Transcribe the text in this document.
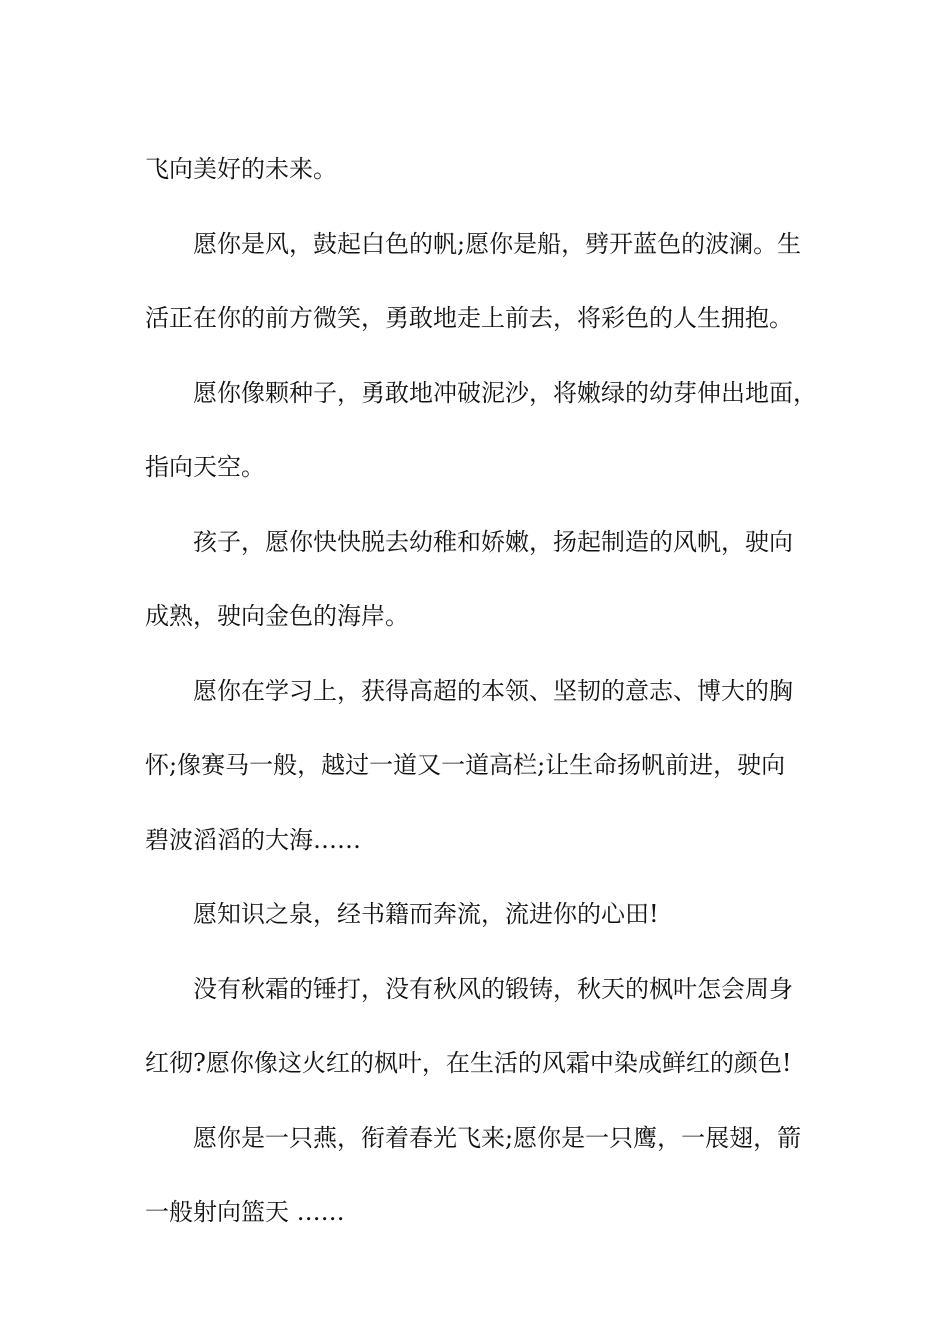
飞向美好的未来。
愿你是风，鼓起白色的帆;愿你是船，劈开蓝色的波澜。生
活正在你的前方微笑，勇敢地走上前去，将彩色的人生拥抱。
愿你像颗种子，勇敢地冲破泥沙，将嫩绿的幼芽伸出地面，
指向天空。
孩子，愿你快快脱去幼稚和娇嫩，扬起制造的风帆，驶向
成熟，驶向金色的海岸。
愿你在学习上，获得高超的本领、坚韧的意志、博大的胸
怀;像赛马一般，越过一道又一道高栏;让生命扬帆前进，驶向
碧波滔滔的大海……
愿知识之泉，经书籍而奔流，流进你的心田!
没有秋霜的锤打，没有秋风的锻铸，秋天的枫叶怎会周身
红彻?愿你像这火红的枫叶，在生活的风霜中染成鲜红的颜色!
愿你是一只燕，衔着春光飞来;愿你是一只鹰，一展翅，箭
一般射向篮天 ……
